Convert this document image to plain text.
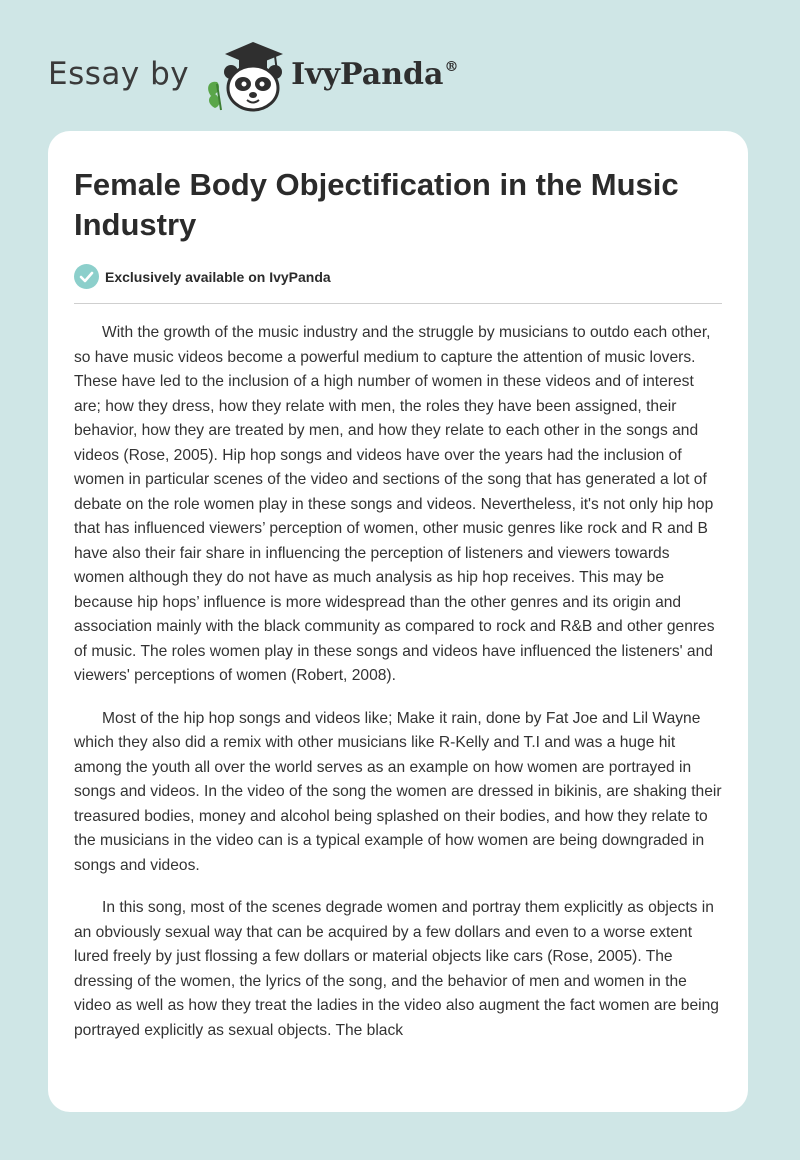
Essay by	IvyPanda®
Female Body Objectification in the Music Industry
Exclusively available on IvyPanda

With the growth of the music industry and the struggle by musicians to outdo each other, so have music videos become a powerful medium to capture the attention of music lovers. These have led to the inclusion of a high number of women in these videos and of interest are; how they dress, how they relate with men, the roles they have been assigned, their behavior, how they are treated by men, and how they relate to each other in the songs and videos (Rose, 2005). Hip hop songs and videos have over the years had the inclusion of women in particular scenes of the video and sections of the song that has generated a lot of debate on the role women play in these songs and videos. Nevertheless, it's not only hip hop that has influenced viewers’ perception of women, other music genres like rock and R and B have also their fair share in influencing the perception of listeners and viewers towards women although they do not have as much analysis as hip hop receives. This may be because hip hops’ influence is more widespread than the other genres and its origin and association mainly with the black community as compared to rock and R&B and other genres of music. The roles women play in these songs and videos have influenced the listeners' and viewers' perceptions of women (Robert, 2008).

Most of the hip hop songs and videos like; Make it rain, done by Fat Joe and Lil Wayne which they also did a remix with other musicians like R-Kelly and T.I and was a huge hit among the youth all over the world serves as an example on how women are portrayed in songs and videos. In the video of the song the women are dressed in bikinis, are shaking their treasured bodies, money and alcohol being splashed on their bodies, and how they relate to the musicians in the video can is a typical example of how women are being downgraded in songs and videos.

In this song, most of the scenes degrade women and portray them explicitly as objects in an obviously sexual way that can be acquired by a few dollars and even to a worse extent lured freely by just flossing a few dollars or material objects like cars (Rose, 2005). The dressing of the women, the lyrics of the song, and the behavior of men and women in the video as well as how they treat the ladies in the video also augment the fact women are being portrayed explicitly as sexual objects. The black
